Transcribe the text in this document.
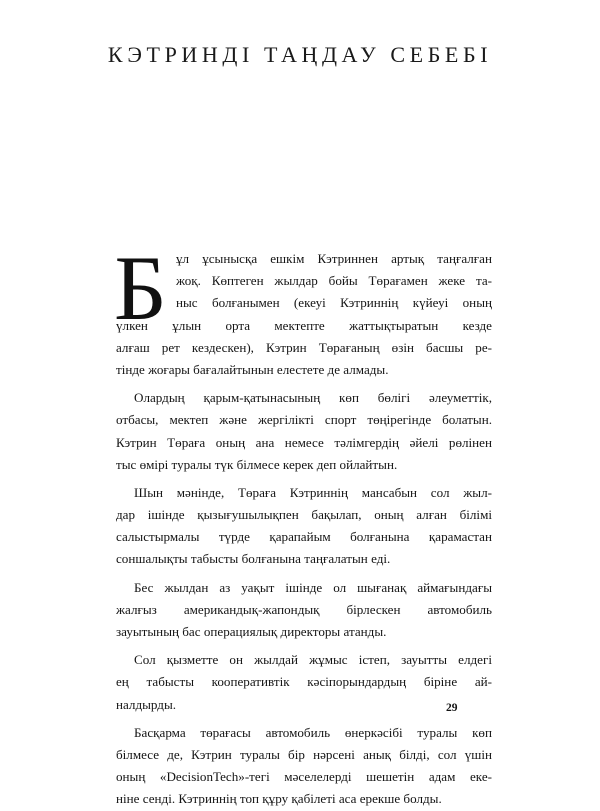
КЭТРИНДІ ТАҢДАУ СЕБЕБІ
Б ұл ұсынысқа ешкім Кэтриннен артық таңғалған
жоқ. Көптеген жылдар бойы Төрағамен жеке та-
ныс болғанымен (екеуі Кэтриннің күйеуі оның
үлкен ұлын орта мектепте жаттықтыратын кезде
алғаш рет кездескен), Кэтрин Төрағаның өзін басшы ре-
тінде жоғары бағалайтынын елестете де алмады.
Олардың қарым-қатынасының көп бөлігі әлеуметтік,
отбасы, мектеп және жергілікті спорт төңірегінде болатын.
Кэтрин Төраға оның ана немесе тәлімгердің әйелі рөлінен
тыс өмірі туралы түк білмесе керек деп ойлайтын.
Шын мәнінде, Төраға Кэтриннің мансабын сол жыл-
дар ішінде қызығушылықпен бақылап, оның алған білімі
салыстырмалы түрде қарапайым болғанына қарамастан
соншалықты табысты болғанына таңғалатын еді.
Бес жылдан аз уақыт ішінде ол шығанақ аймағындағы
жалғыз американдық-жапондық бірлескен автомобиль
зауытының бас операциялық директоры атанды.
Сол қызметте он жылдай жұмыс істеп, зауытты елдегі
ең табысты кооперативтік кәсіпорындардың біріне ай-
налдырды.
Басқарма төрағасы автомобиль өнеркәсібі туралы көп
білмесе де, Кэтрин туралы бір нәрсені анық білді, сол үшін
оның «DecisionTech»-тегі мәселелерді шешетін адам еке-
ніне сенді. Кэтриннің топ құру қабілеті аса ерекше болды.
29
